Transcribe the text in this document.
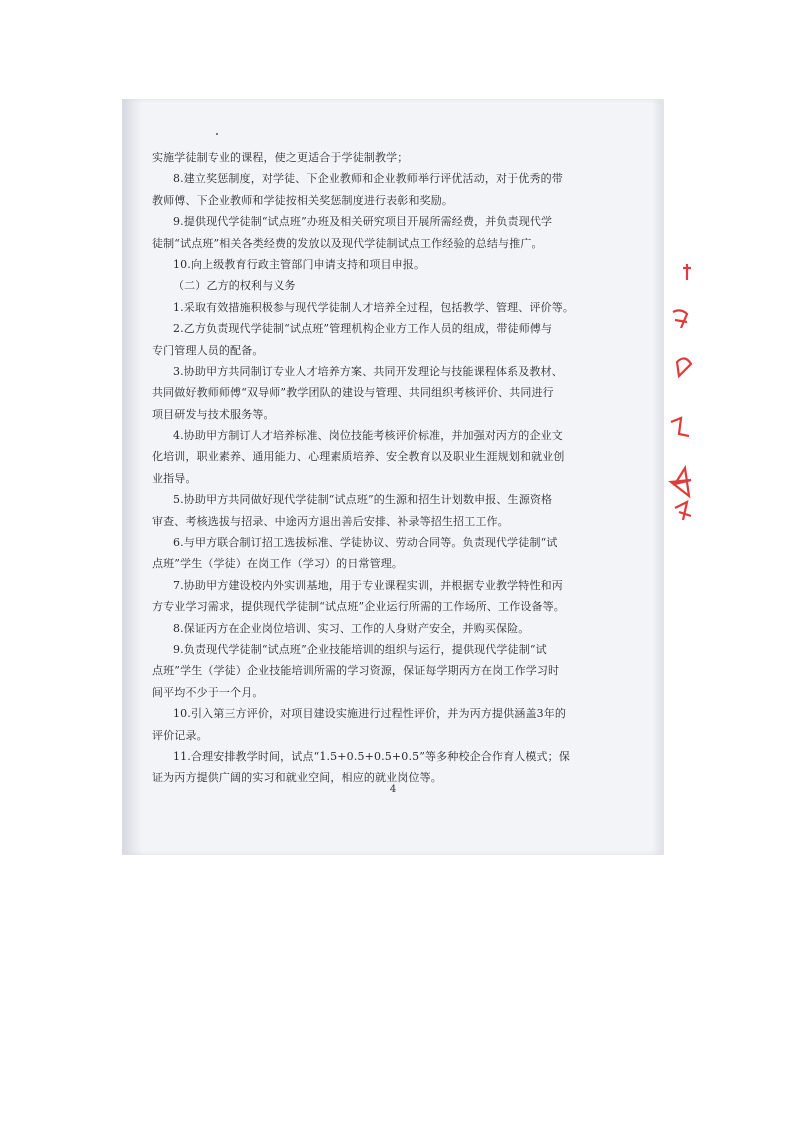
实施学徒制专业的课程，使之更适合于学徒制教学；
8.建立奖惩制度，对学徒、下企业教师和企业教师举行评优活动，对于优秀的带
教师傅、下企业教师和学徒按相关奖惩制度进行表彰和奖励。
9.提供现代学徒制“试点班”办班及相关研究项目开展所需经费，并负责现代学
徒制“试点班”相关各类经费的发放以及现代学徒制试点工作经验的总结与推广。
10.向上级教育行政主管部门申请支持和项目申报。
（二）乙方的权利与义务
1.采取有效措施积极参与现代学徒制人才培养全过程，包括教学、管理、评价等。
2.乙方负责现代学徒制“试点班”管理机构企业方工作人员的组成，带徒师傅与
专门管理人员的配备。
3.协助甲方共同制订专业人才培养方案、共同开发理论与技能课程体系及教材、
共同做好教师师傅“双导师”教学团队的建设与管理、共同组织考核评价、共同进行
项目研发与技术服务等。
4.协助甲方制订人才培养标准、岗位技能考核评价标准，并加强对丙方的企业文
化培训，职业素养、通用能力、心理素质培养、安全教育以及职业生涯规划和就业创
业指导。
5.协助甲方共同做好现代学徒制“试点班”的生源和招生计划数申报、生源资格
审查、考核选拔与招录、中途丙方退出善后安排、补录等招生招工工作。
6.与甲方联合制订招工选拔标准、学徒协议、劳动合同等。负责现代学徒制“试
点班”学生（学徒）在岗工作（学习）的日常管理。
7.协助甲方建设校内外实训基地，用于专业课程实训，并根据专业教学特性和丙
方专业学习需求，提供现代学徒制“试点班”企业运行所需的工作场所、工作设备等。
8.保证丙方在企业岗位培训、实习、工作的人身财产安全，并购买保险。
9.负责现代学徒制“试点班”企业技能培训的组织与运行，提供现代学徒制“试
点班”学生（学徒）企业技能培训所需的学习资源，保证每学期丙方在岗工作学习时
间平均不少于一个月。
10.引入第三方评价，对项目建设实施进行过程性评价，并为丙方提供涵盖3年的
评价记录。
11.合理安排教学时间，试点“1.5+0.5+0.5+0.5”等多种校企合作育人模式；保
证为丙方提供广阔的实习和就业空间，相应的就业岗位等。
4
